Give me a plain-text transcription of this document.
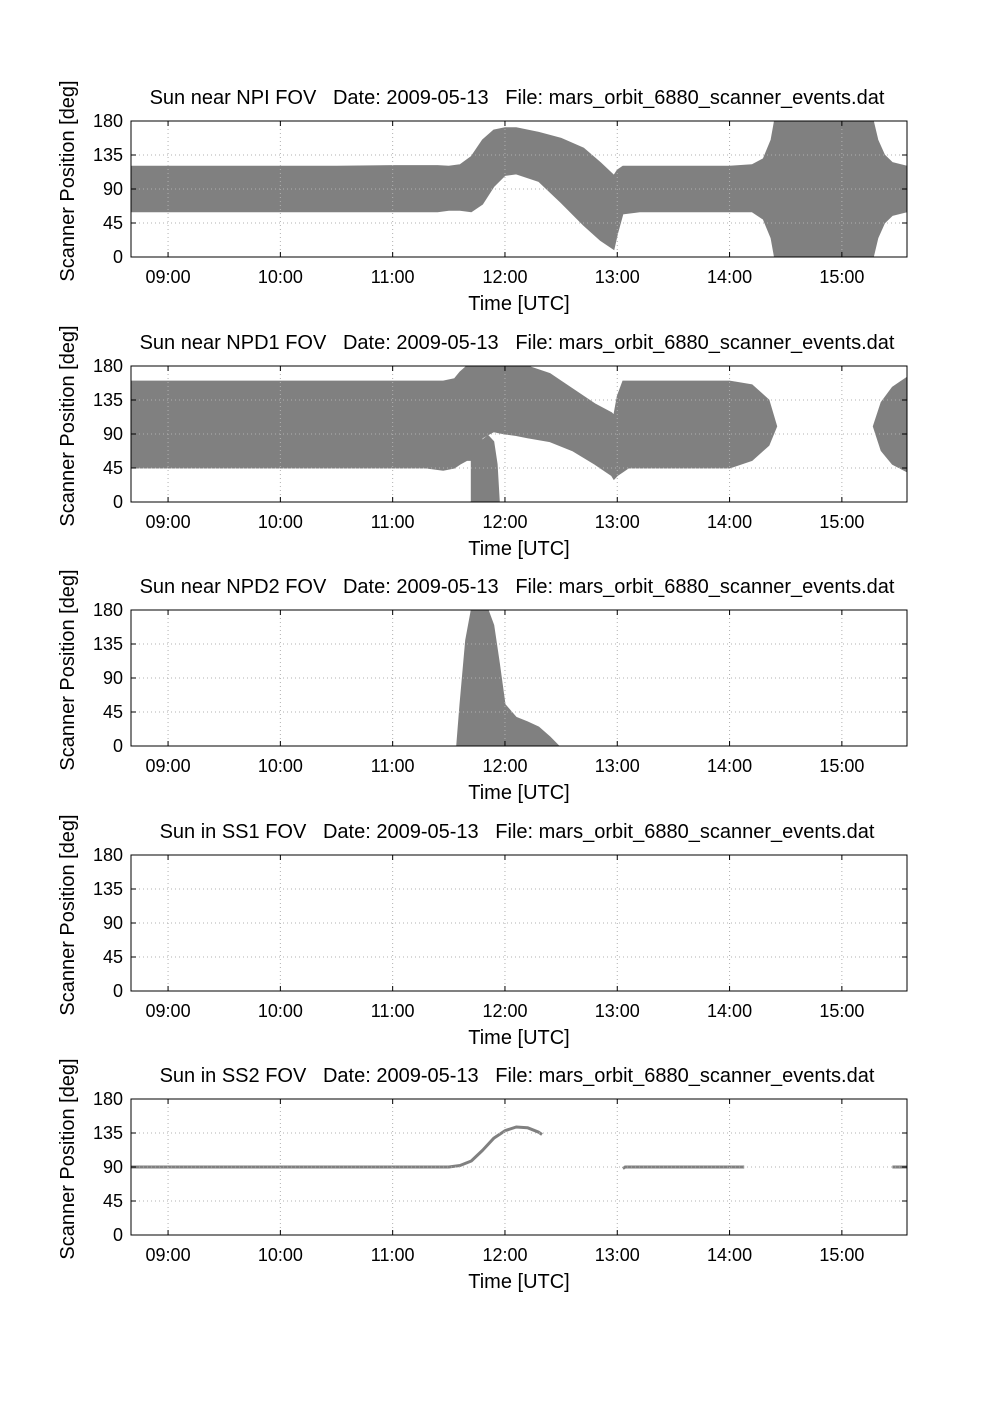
09:00	10:00	11:00	12:00	13:00	14:00	15:00
0
45
90
135
180
Sun near NPI FOV   Date: 2009-05-13   File: mars_orbit_6880_scanner_events.dat
Time [UTC]
Scanner Position [deg]
09:00	10:00	11:00	12:00	13:00	14:00	15:00
0
45
90
135
180
Sun near NPD1 FOV   Date: 2009-05-13   File: mars_orbit_6880_scanner_events.dat
Time [UTC]
Scanner Position [deg]
09:00	10:00	11:00	12:00	13:00	14:00	15:00
0
45
90
135
180
Sun near NPD2 FOV   Date: 2009-05-13   File: mars_orbit_6880_scanner_events.dat
Time [UTC]
Scanner Position [deg]
09:00	10:00	11:00	12:00	13:00	14:00	15:00
0
45
90
135
180
Sun in SS1 FOV   Date: 2009-05-13   File: mars_orbit_6880_scanner_events.dat
Time [UTC]
Scanner Position [deg]
09:00	10:00	11:00	12:00	13:00	14:00	15:00
0
45
90
135
180
Sun in SS2 FOV   Date: 2009-05-13   File: mars_orbit_6880_scanner_events.dat
Time [UTC]
Scanner Position [deg]
